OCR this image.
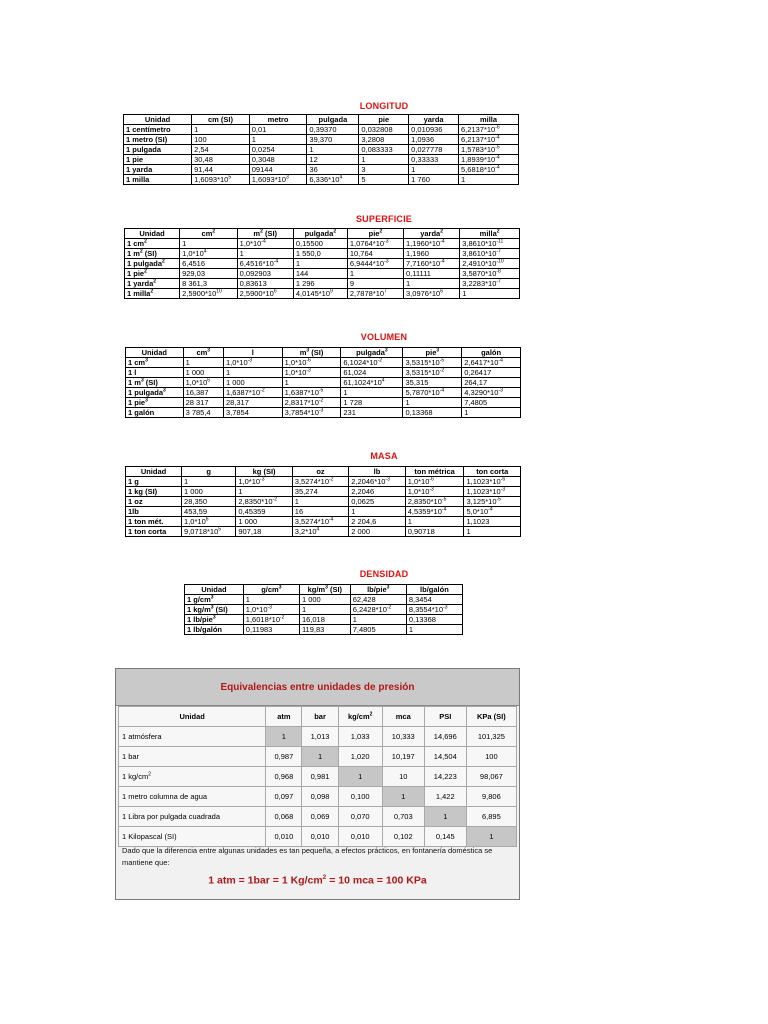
LONGITUD
Unidad	cm (SI)	metro	pulgada	pie	yarda	milla
1 centímetro	1	0,01	0,39370	0,032808	0,010936	$6,2137*10^{-6}$
1 metro (SI)	100	1	39,370	3,2808	1,0936	$6,2137*10^{-4}$
1 pulgada	2,54	0,0254	1	0,083333	0,027778	$1,5783*10^{-5}$
1 pie	30,48	0,3048	12	1	0,33333	$1,8939*10^{-4}$
1 yarda	91,44	09144	36	3	1	$5,6818*10^{-4}$
1 milla	$1,6093*10^5$	$1,6093*10^3$	$6,336*10^4$	5	1 760	1
SUPERFICIE
Unidad	$cm^2$	$m^2$ (SI)	pulgada$^2$	pie$^2$	yarda$^2$	milla$^2$
1 $cm^2$	1	$1,0*10^{-4}$	0,15500	$1,0764*10^{-3}$	$1,1960*10^{-4}$	$3,8610*10^{-11}$
1 $m^2$ (SI)	$1,0*10^4$	1	1 550,0	10,764	1,1960	$3,8610*10^{-7}$
1 pulgada$^2$	6,4516	$6,4516*10^{-4}$	1	$6,9444*10^{-3}$	$7,7160*10^{-4}$	$2,4910*10^{-10}$
1 pie$^2$	929,03	0,092903	144	1	0,11111	$3,5870*10^{-8}$
1 yarda$^2$	8 361,3	0,83613	1 296	9	1	$3,2283*10^{-7}$
1 milla$^2$	$2,5900*10^{10}$	$2,5900*10^6$	$4,0145*10^9$	$2,7878*10^7$	$3,0976*10^6$	1
VOLUMEN
Unidad	$cm^3$	l	$m^3$ (SI)	pulgada$^3$	pie$^3$	galón
1 $cm^3$	1	$1,0*10^{-3}$	$1,0*10^{-6}$	$6,1024*10^{-2}$	$3,5315*10^{-5}$	$2,6417*10^{-4}$
1 l	1 000	1	$1,0*10^{-3}$	61,024	$3,5315*10^{-2}$	0,26417
1 $m^3$ (SI)	$1,0*10^6$	1 000	1	$61,1024*10^4$	35,315	264,17
1 pulgada$^3$	16,387	$1,6387*10^{-2}$	$1,6387*10^{-5}$	1	$5,7870*10^{-4}$	$4,3290*10^{-3}$
1 pie$^3$	28 317	28,317	$2,8317*10^{-2}$	1 728	1	7,4805
1 galón	3 785,4	3,7854	$3,7854*10^{-3}$	231	0,13368	1
MASA
Unidad	g	kg (SI)	oz	lb	ton métrica	ton corta
1 g	1	$1,0*10^{-3}$	$3,5274*10^{-2}$	$2,2046*10^{-3}$	$1,0*10^{-6}$	$1,1023*10^{-6}$
1 kg (SI)	1 000	1	35,274	2,2046	$1,0*10^{-3}$	$1,1023*10^{-3}$
1 oz	28,350	$2,8350*10^{-2}$	1	0,0625	$2,8350*10^{-5}$	$3,125*10^{-5}$
1lb	453,59	0,45359	16	1	$4,5359*10^{-4}$	$5,0*10^{-4}$
1 ton mét.	$1,0*10^6$	1 000	$3,5274*10^{-4}$	2 204,6	1	1,1023
1 ton corta	$9,0718*10^5$	907,18	$3,2*10^4$	2 000	0,90718	1
DENSIDAD
Unidad	$g/cm^3$	$kg/m^3$ (SI)	lb/pie$^3$	lb/galón
1 $g/cm^3$	1	1 000	62,428	8,3454
1 $kg/m^3$ (SI)	$1,0*10^{-3}$	1	$6,2428*10^{-2}$	$8,3554*10^{-3}$
1 lb/pie$^3$	$1,6018*10^{-2}$	16,018	1	0,13368
1 lb/galón	0,11983	119,83	7,4805	1
Equivalencias entre unidades de presión
Unidad	atm	bar	$kg/cm^2$	mca	PSI	KPa (SI)
1 atmósfera	1	1,013	1,033	10,333	14,696	101,325
1 bar	0,987	1	1,020	10,197	14,504	100
1 $kg/cm^2$	0,968	0,981	1	10	14,223	98,067
1 metro columna de agua	0,097	0,098	0,100	1	1,422	9,806
1 Libra por pulgada cuadrada	0,068	0,069	0,070	0,703	1	6,895
1 Kilopascal (SI)	0,010	0,010	0,010	0,102	0,145	1
Dado que la diferencia entre algunas unidades es tan pequeña, a efectos prácticos, en fontanería doméstica se mantiene que:
1 atm = 1bar = 1 $Kg/cm^2 = 10$ mca = 100 KPa
